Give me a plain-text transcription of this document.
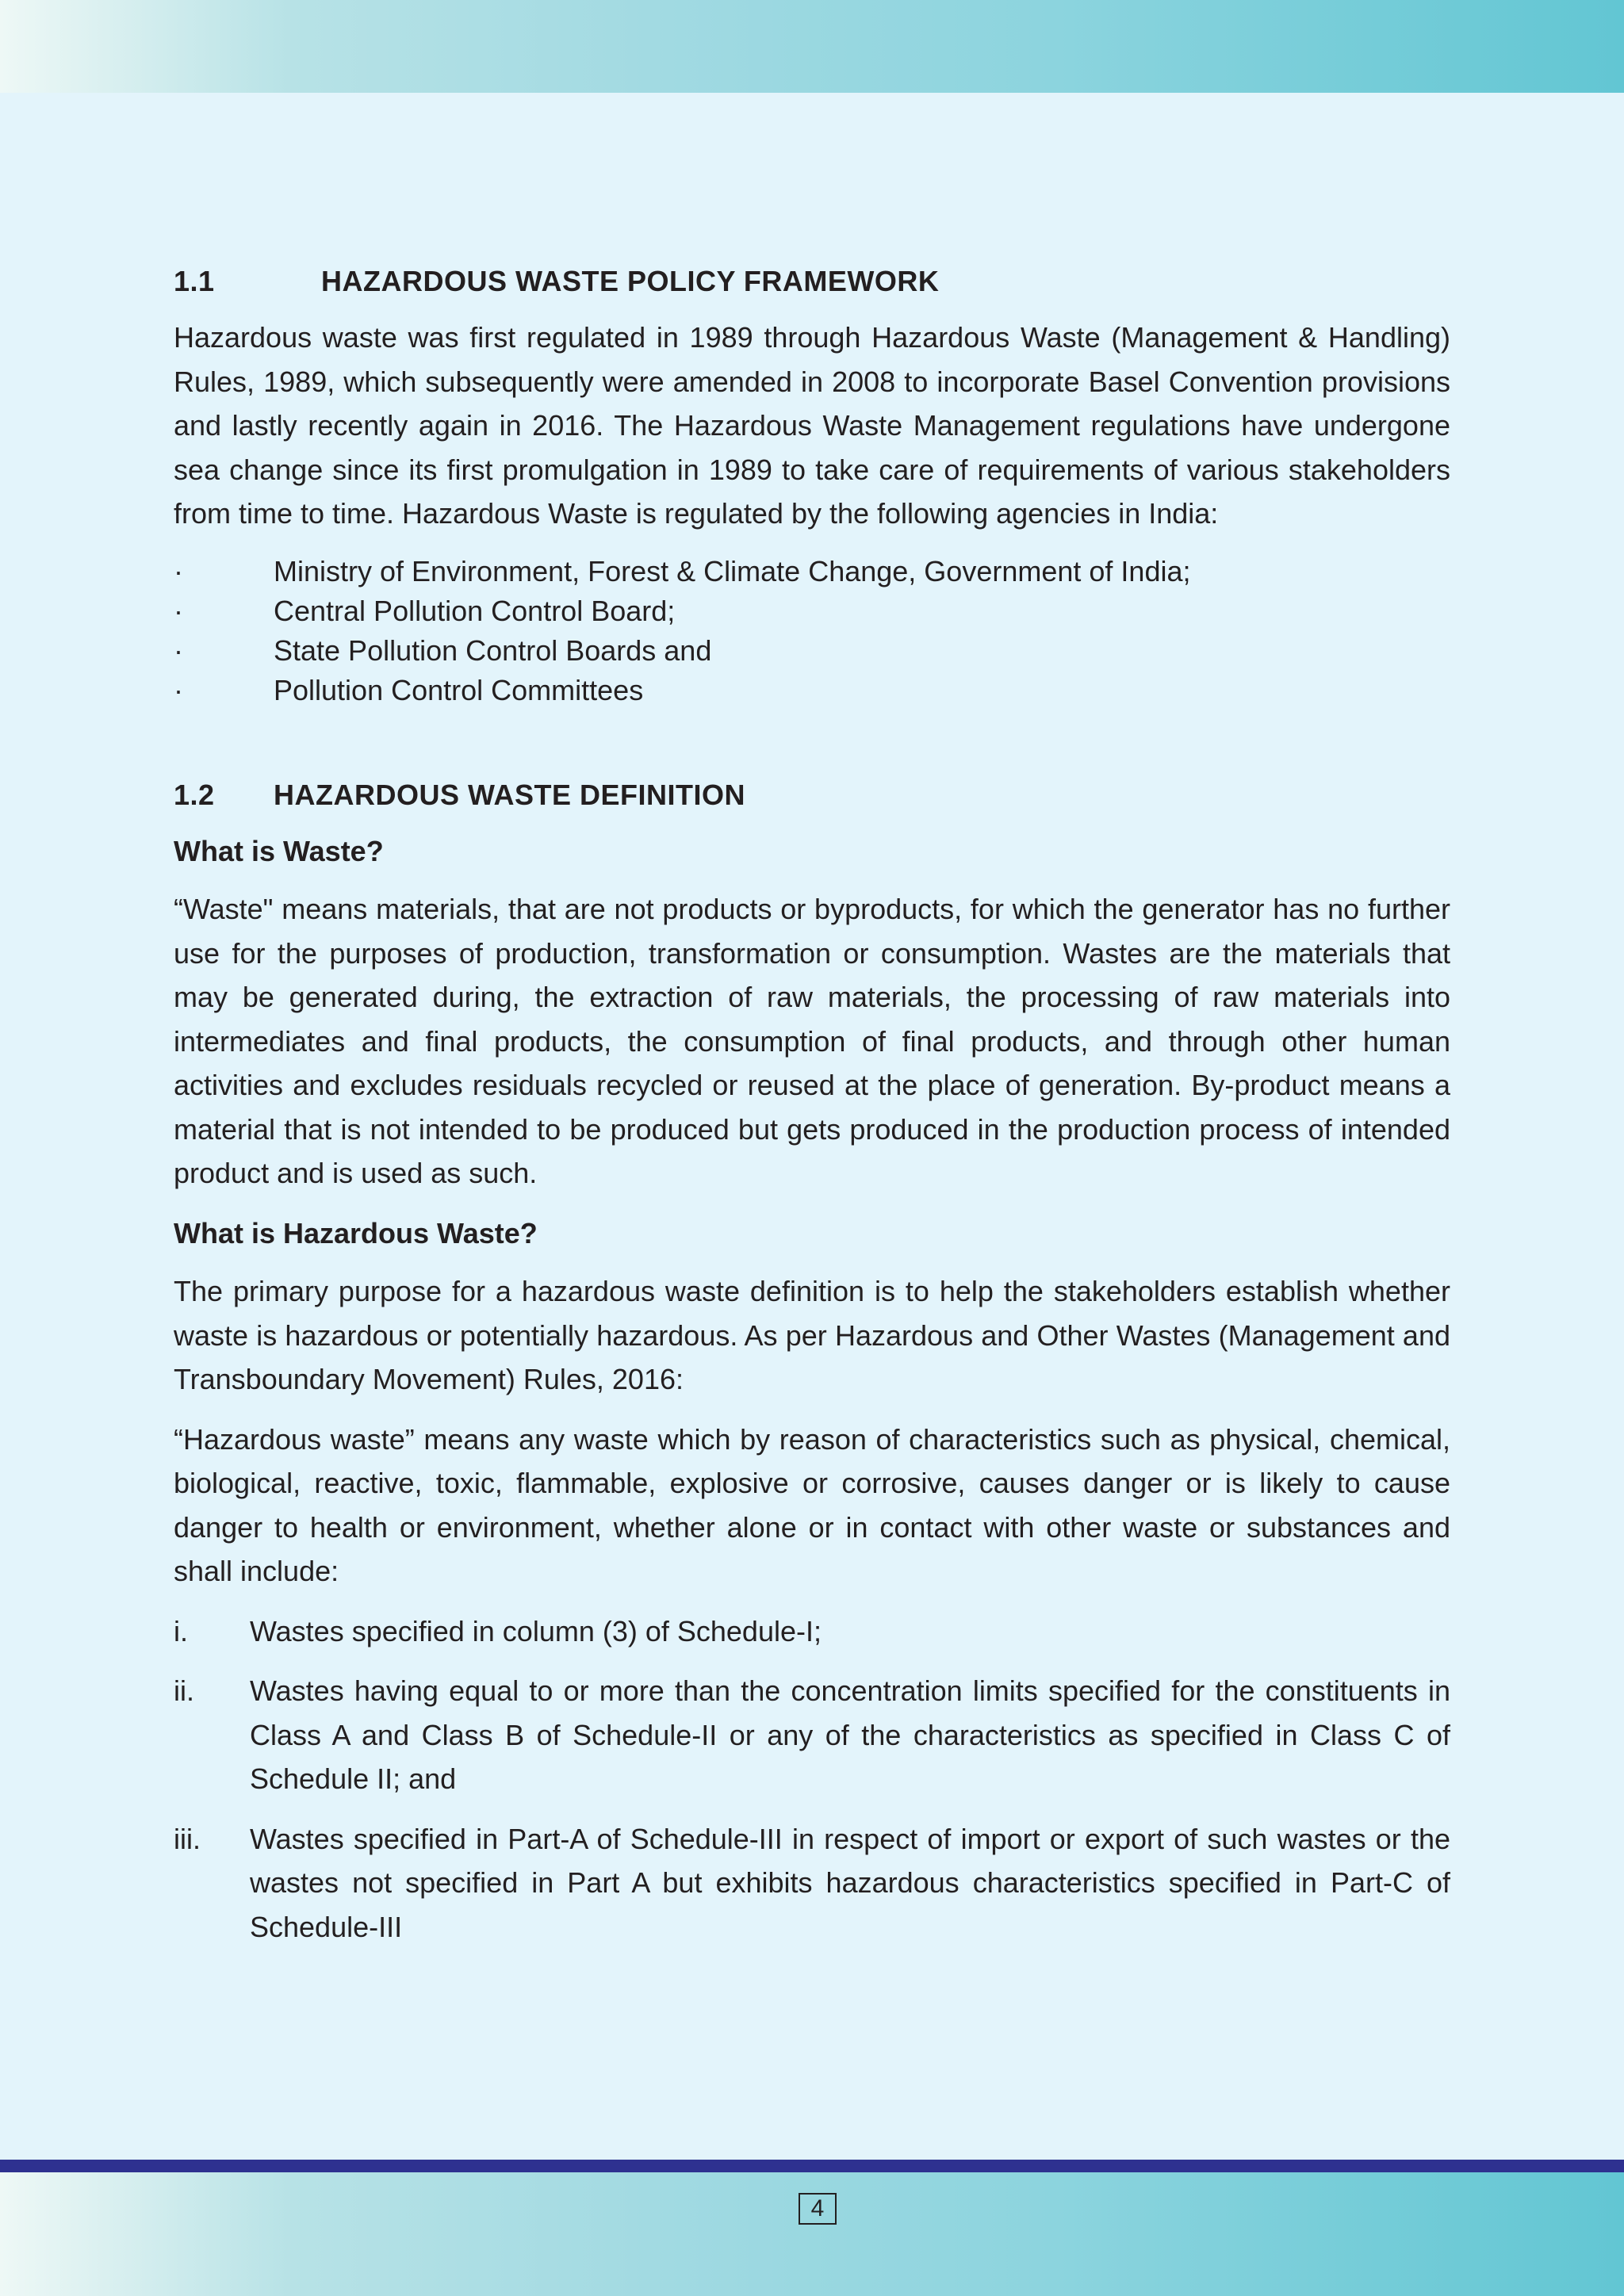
1.1	HAZARDOUS WASTE POLICY FRAMEWORK

Hazardous waste was first regulated in 1989 through Hazardous Waste (Management & Handling) Rules, 1989, which subsequently were amended in 2008 to incorporate Basel Convention provisions and lastly recently again in 2016. The Hazardous Waste Management regulations have undergone sea change since its first promulgation in 1989 to take care of requirements of various stakeholders from time to time. Hazardous Waste is regulated by the following agencies in India:

·	Ministry of Environment, Forest & Climate Change, Government of India;
·	Central Pollution Control Board;
·	State Pollution Control Boards and
·	Pollution Control Committees
1.2	HAZARDOUS WASTE DEFINITION
What is Waste?

“Waste" means materials, that are not products or byproducts, for which the generator has no further use for the purposes of production, transformation or consumption. Wastes are the materials that may be generated during, the extraction of raw materials, the processing of raw materials into intermediates and final products, the consumption of final products, and through other human activities and excludes residuals recycled or reused at the place of generation. By-product means a material that is not intended to be produced but gets produced in the production process of intended product and is used as such.

What is Hazardous Waste?

The primary purpose for a hazardous waste definition is to help the stakeholders establish whether waste is hazardous or potentially hazardous. As per Hazardous and Other Wastes (Management and Transboundary Movement) Rules, 2016:

“Hazardous waste” means any waste which by reason of characteristics such as physical, chemical, biological, reactive, toxic, flammable, explosive or corrosive, causes danger or is likely to cause danger to health or environment, whether alone or in contact with other waste or substances and shall include:

i.	Wastes specified in column (3) of Schedule-I;
ii.	Wastes having equal to or more than the concentration limits specified for the constituents in Class A and Class B of Schedule-II or any of the characteristics as specified in Class C of Schedule II; and
iii.	Wastes specified in Part-A of Schedule-III in respect of import or export of such wastes or the wastes not specified in Part A but exhibits hazardous characteristics specified in Part-C of Schedule-III
4
